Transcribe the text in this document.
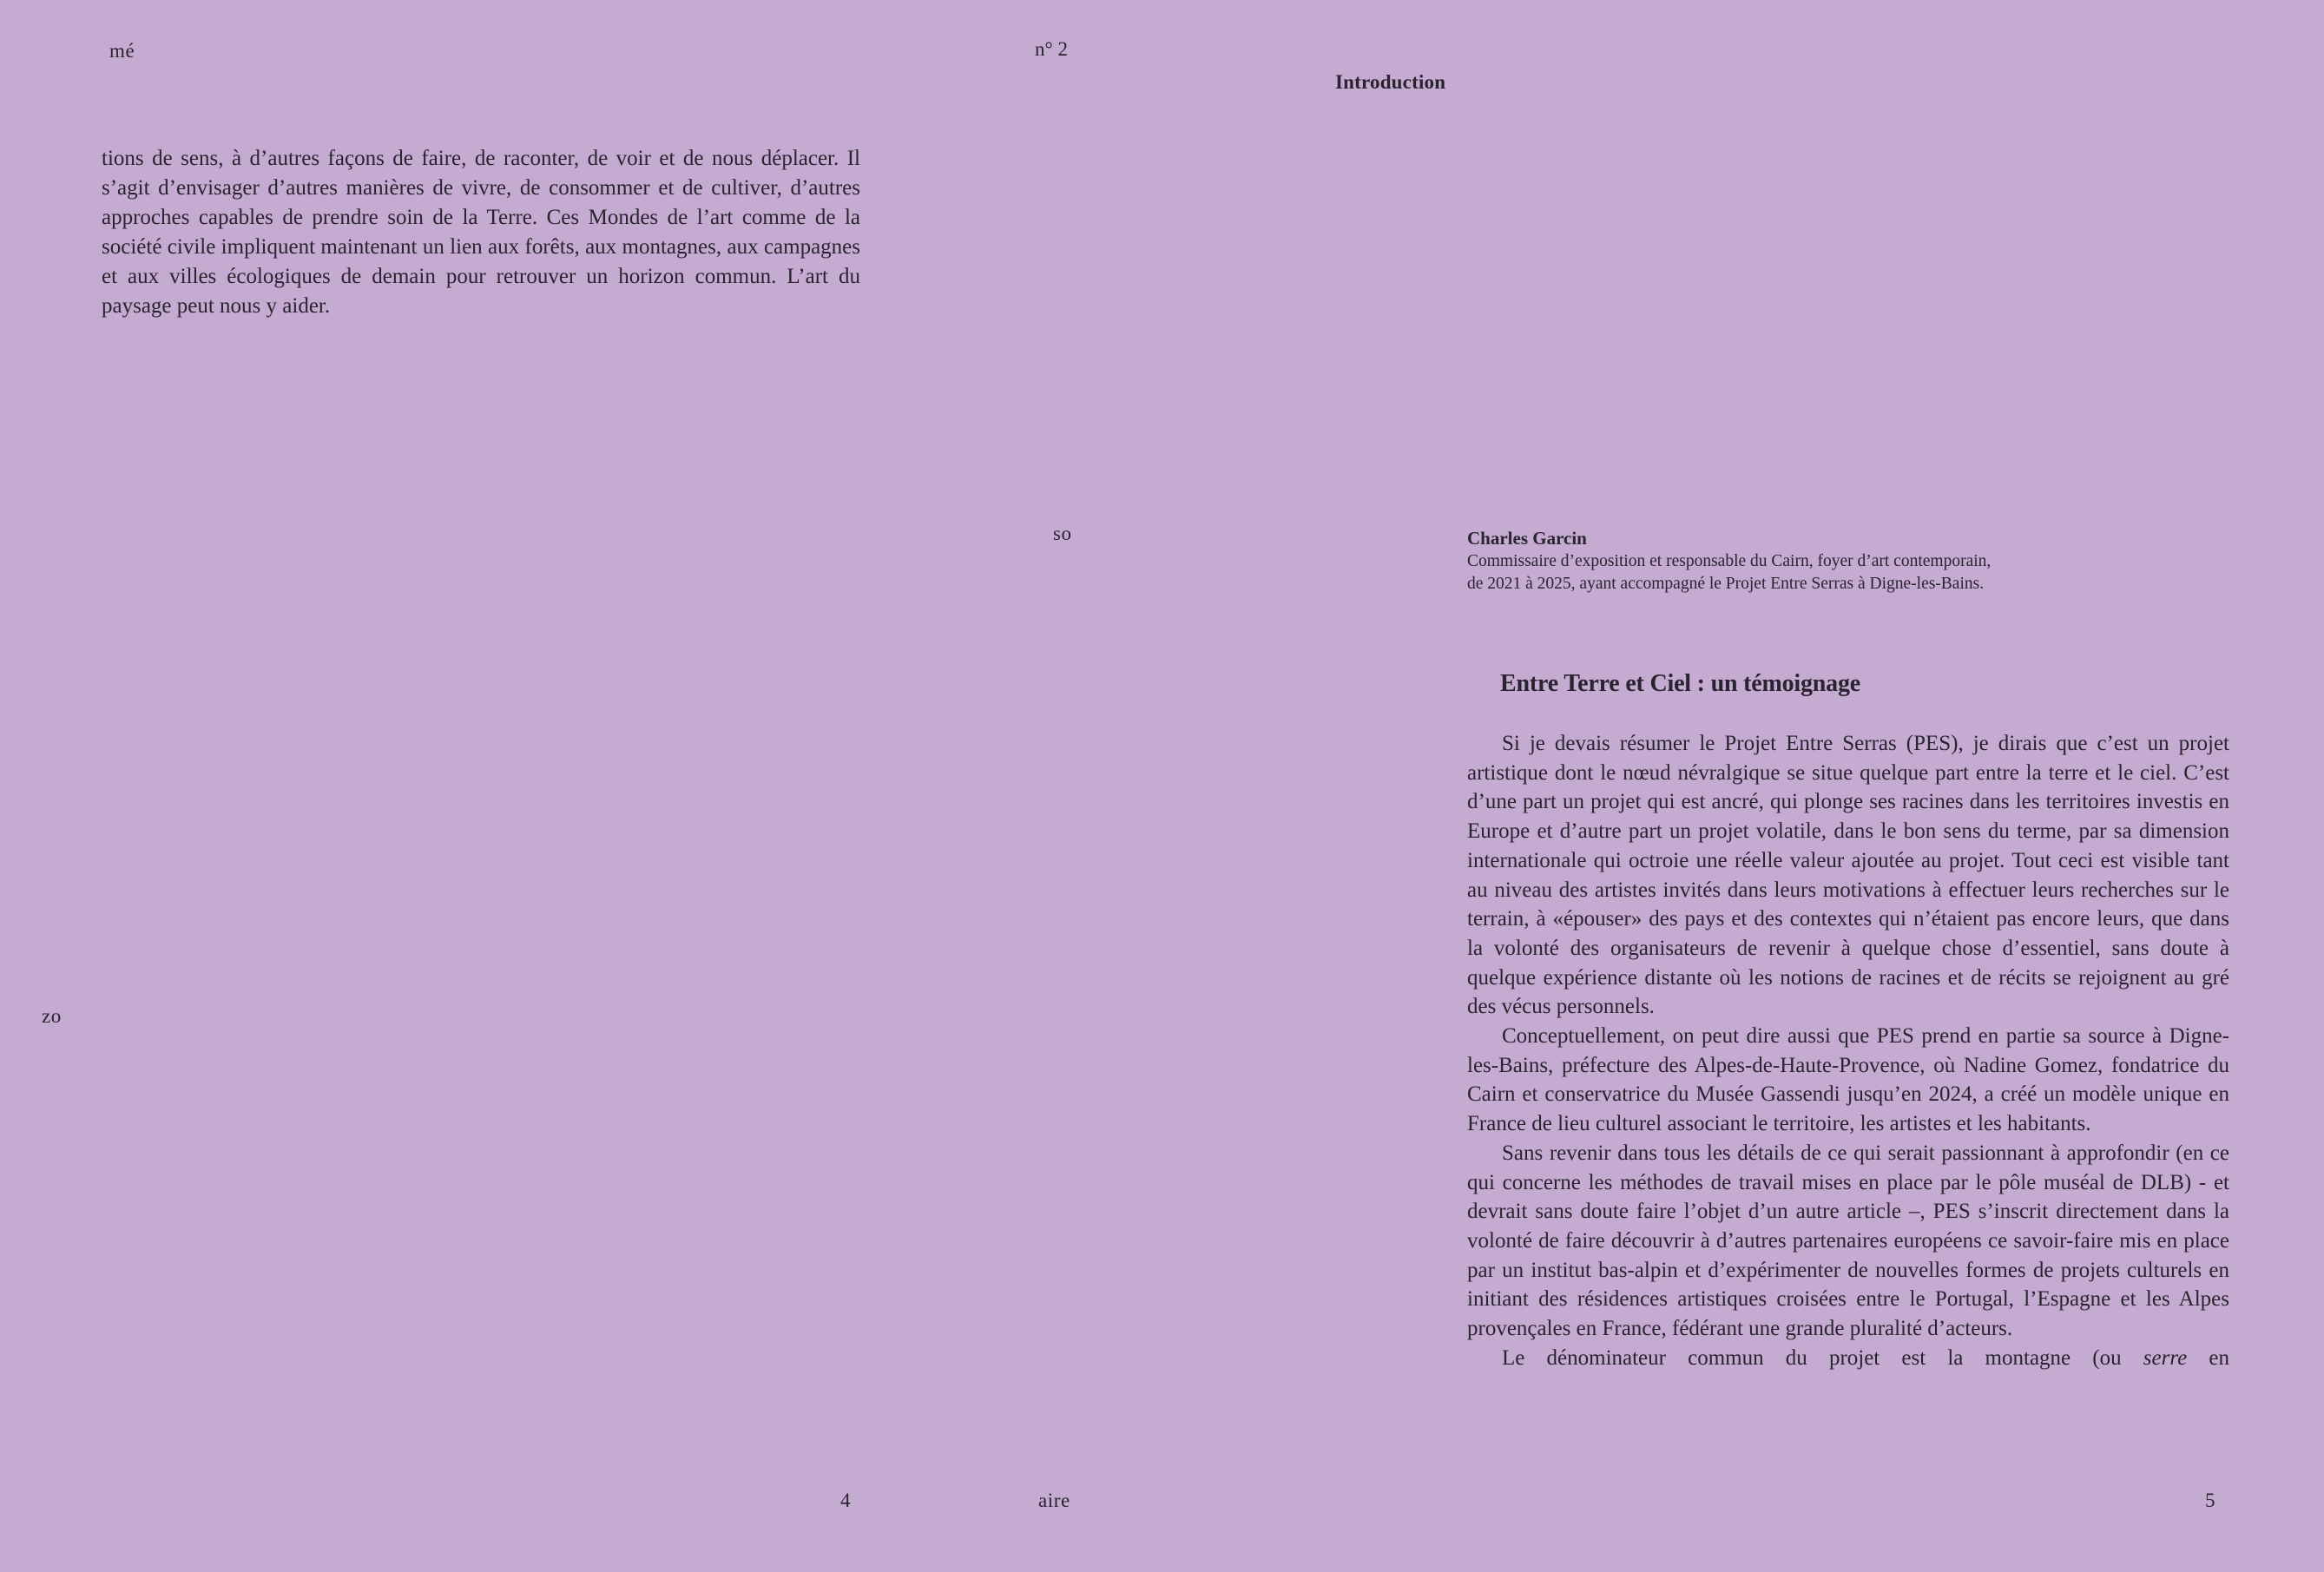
mé	n° 2
Introduction
tions de sens, à d’autres façons de faire, de raconter, de voir et de nous déplacer. Il s’agit d’envisager d’autres manières de vivre, de consommer et de cultiver, d’autres approches capables de prendre soin de la Terre. Ces Mondes de l’art comme de la société civile impliquent maintenant un lien aux forêts, aux montagnes, aux campagnes et aux villes écologiques de demain pour retrouver un horizon commun. L’art du paysage peut nous y aider.
so
zo
aire
Charles Garcin
Commissaire d’exposition et responsable du Cairn, foyer d’art contemporain,
de 2021 à 2025, ayant accompagné le Projet Entre Serras à Digne-les-Bains.
Entre Terre et Ciel : un témoignage

Si je devais résumer le Projet Entre Serras (PES), je dirais que c’est un projet artistique dont le nœud névralgique se situe quelque part entre la terre et le ciel. C’est d’une part un projet qui est ancré, qui plonge ses racines dans les territoires investis en Europe et d’autre part un projet volatile, dans le bon sens du terme, par sa dimension internationale qui octroie une réelle valeur ajoutée au projet. Tout ceci est visible tant au niveau des artistes invités dans leurs motivations à effectuer leurs recherches sur le terrain, à «épouser» des pays et des contextes qui n’étaient pas encore leurs, que dans la volonté des organisateurs de revenir à quelque chose d’essentiel, sans doute à quelque expérience distante où les notions de racines et de récits se rejoignent au gré des vécus personnels.

Conceptuellement, on peut dire aussi que PES prend en partie sa source à Digne-les-Bains, préfecture des Alpes-de-Haute-Provence, où Nadine Gomez, fondatrice du Cairn et conservatrice du Musée Gassendi jusqu’en 2024, a créé un modèle unique en France de lieu culturel associant le territoire, les artistes et les habitants.

Sans revenir dans tous les détails de ce qui serait passionnant à approfondir (en ce qui concerne les méthodes de travail mises en place par le pôle muséal de DLB) - et devrait sans doute faire l’objet d’un autre article –, PES s’inscrit directement dans la volonté de faire découvrir à d’autres partenaires européens ce savoir-faire mis en place par un institut bas-alpin et d’expérimenter de nouvelles formes de projets culturels en initiant des résidences artistiques croisées entre le Portugal, l’Espagne et les Alpes provençales en France, fédérant une grande pluralité d’acteurs.

Le dénominateur commun du projet est la montagne (ou serre en

4	5
